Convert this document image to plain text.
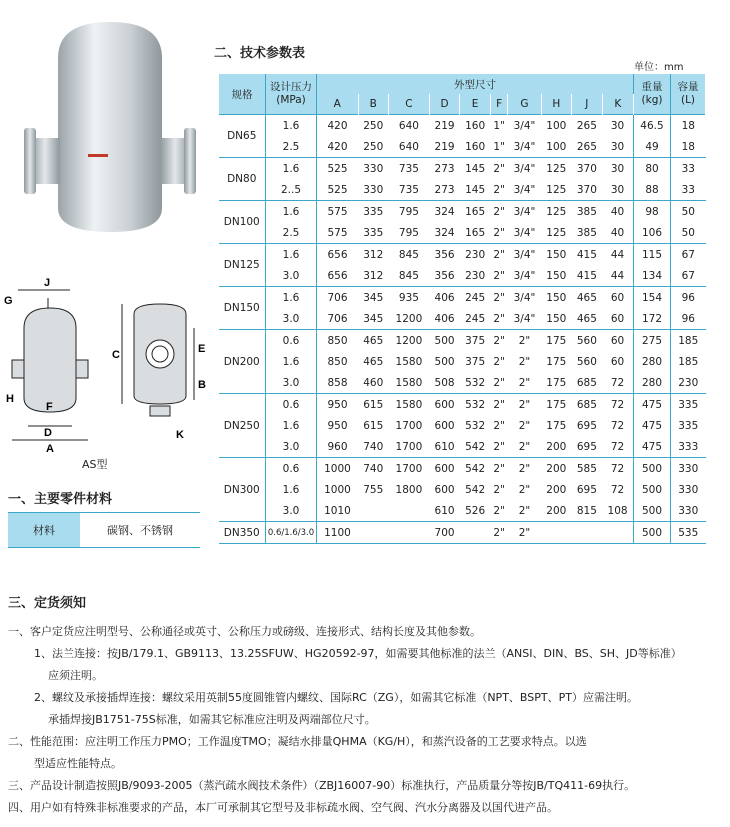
G
J
C	E
B
D
H
F
A
K
AS型
二、技术参数表
单位：mm
规格	设计压力
(MPa)	外型尺寸										重量
(kg)	容量
(L)
		A	B	C	D	E	F	G	H	J	K		
DN65	1.6	420	250	640	219	160	1"	3/4"	100	265	30	46.5	18
	2.5	420	250	640	219	160	1"	3/4"	100	265	30	49	18
DN80	1.6	525	330	735	273	145	2"	3/4"	125	370	30	80	33
	2..5	525	330	735	273	145	2"	3/4"	125	370	30	88	33
DN100	1.6	575	335	795	324	165	2"	3/4"	125	385	40	98	50
	2.5	575	335	795	324	165	2"	3/4"	125	385	40	106	50
DN125	1.6	656	312	845	356	230	2"	3/4"	150	415	44	115	67
	3.0	656	312	845	356	230	2"	3/4"	150	415	44	134	67
DN150	1.6	706	345	935	406	245	2"	3/4"	150	465	60	154	96
	3.0	706	345	1200	406	245	2"	3/4"	150	465	60	172	96
DN200	0.6	850	465	1200	500	375	2"	2"	175	560	60	275	185
	1.6	850	465	1580	500	375	2"	2"	175	560	60	280	185
	3.0	858	460	1580	508	532	2"	2"	175	685	72	280	230
DN250	0.6	950	615	1580	600	532	2"	2"	175	685	72	475	335
	1.6	950	615	1700	600	532	2"	2"	175	695	72	475	335
	3.0	960	740	1700	610	542	2"	2"	200	695	72	475	333
DN300	0.6	1000	740	1700	600	542	2"	2"	200	585	72	500	330
	1.6	1000	755	1800	600	542	2"	2"	200	695	72	500	330
	3.0	1010			610	526	2"	2"	200	815	108	500	330
DN350	0.6/1.6/3.0	1100			700		2"	2"				500	535
一、主要零件材料
材料	碳钢、不锈钢
三、定货须知
一、客户定货应注明型号、公称通径或英寸、公称压力或磅级、连接形式、结构长度及其他参数。
1、法兰连接：按JB/179.1、GB9113、13.25SFUW、HG20592-97，如需要其他标准的法兰（ANSI、DIN、BS、SH、JD等标准）
应须注明。
2、螺纹及承接插焊连接：螺纹采用英制55度圆锥管内螺纹、国际RC（ZG），如需其它标准（NPT、BSPT、PT）应需注明。
承插焊接JB1751-75S标准，如需其它标准应注明及两端部位尺寸。
二、性能范围：应注明工作压力PMO；工作温度TMO；凝结水排量QHMA（KG/H），和蒸汽设备的工艺要求特点。以选
型适应性能特点。
三、产品设计制造按照JB/9093-2005（蒸汽疏水阀技术条件）（ZBJ16007-90）标准执行，产品质量分等按JB/TQ411-69执行。
四、用户如有特殊非标准要求的产品，本厂可承制其它型号及非标疏水阀、空气阀、汽水分离器及以国代进产品。
